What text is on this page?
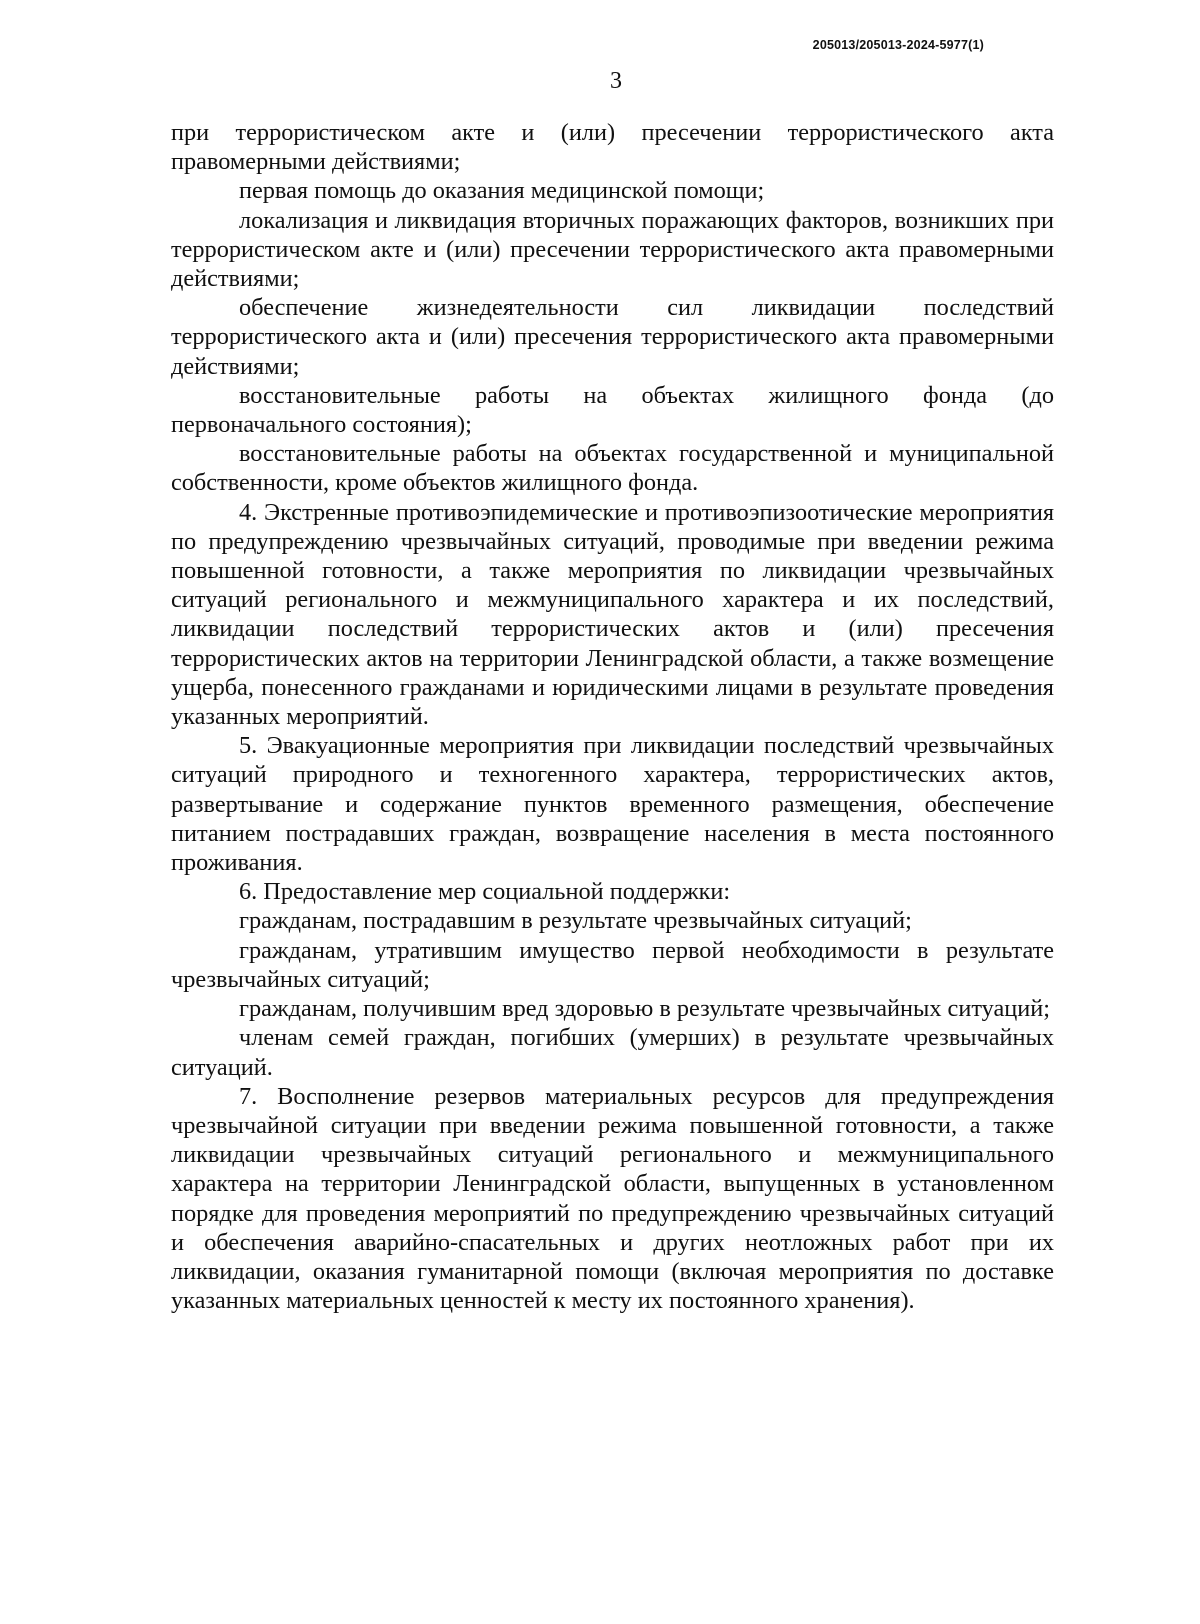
205013/205013-2024-5977(1)
3

при террористическом акте и (или) пресечении террористического акта правомерными действиями;

первая помощь до оказания медицинской помощи;

локализация и ликвидация вторичных поражающих факторов, возникших при террористическом акте и (или) пресечении террористического акта правомерными действиями;

обеспечение жизнедеятельности сил ликвидации последствий террористического акта и (или) пресечения террористического акта правомерными действиями;

восстановительные работы на объектах жилищного фонда (до первоначального состояния);

восстановительные работы на объектах государственной и муниципальной собственности, кроме объектов жилищного фонда.

4. Экстренные противоэпидемические и противоэпизоотические мероприятия по предупреждению чрезвычайных ситуаций, проводимые при введении режима повышенной готовности, а также мероприятия по ликвидации чрезвычайных ситуаций регионального и межмуниципального характера и их последствий, ликвидации последствий террористических актов и (или) пресечения террористических актов на территории Ленинградской области, а также возмещение ущерба, понесенного гражданами и юридическими лицами в результате проведения указанных мероприятий.

5. Эвакуационные мероприятия при ликвидации последствий чрезвычайных ситуаций природного и техногенного характера, террористических актов, развертывание и содержание пунктов временного размещения, обеспечение питанием пострадавших граждан, возвращение населения в места постоянного проживания.

6. Предоставление мер социальной поддержки:

гражданам, пострадавшим в результате чрезвычайных ситуаций;

гражданам, утратившим имущество первой необходимости в результате чрезвычайных ситуаций;

гражданам, получившим вред здоровью в результате чрезвычайных ситуаций;

членам семей граждан, погибших (умерших) в результате чрезвычайных ситуаций.

7. Восполнение резервов материальных ресурсов для предупреждения чрезвычайной ситуации при введении режима повышенной готовности, а также ликвидации чрезвычайных ситуаций регионального и межмуниципального характера на территории Ленинградской области, выпущенных в установленном порядке для проведения мероприятий по предупреждению чрезвычайных ситуаций и обеспечения аварийно-спасательных и других неотложных работ при их ликвидации, оказания гуманитарной помощи (включая мероприятия по доставке указанных материальных ценностей к месту их постоянного хранения).
